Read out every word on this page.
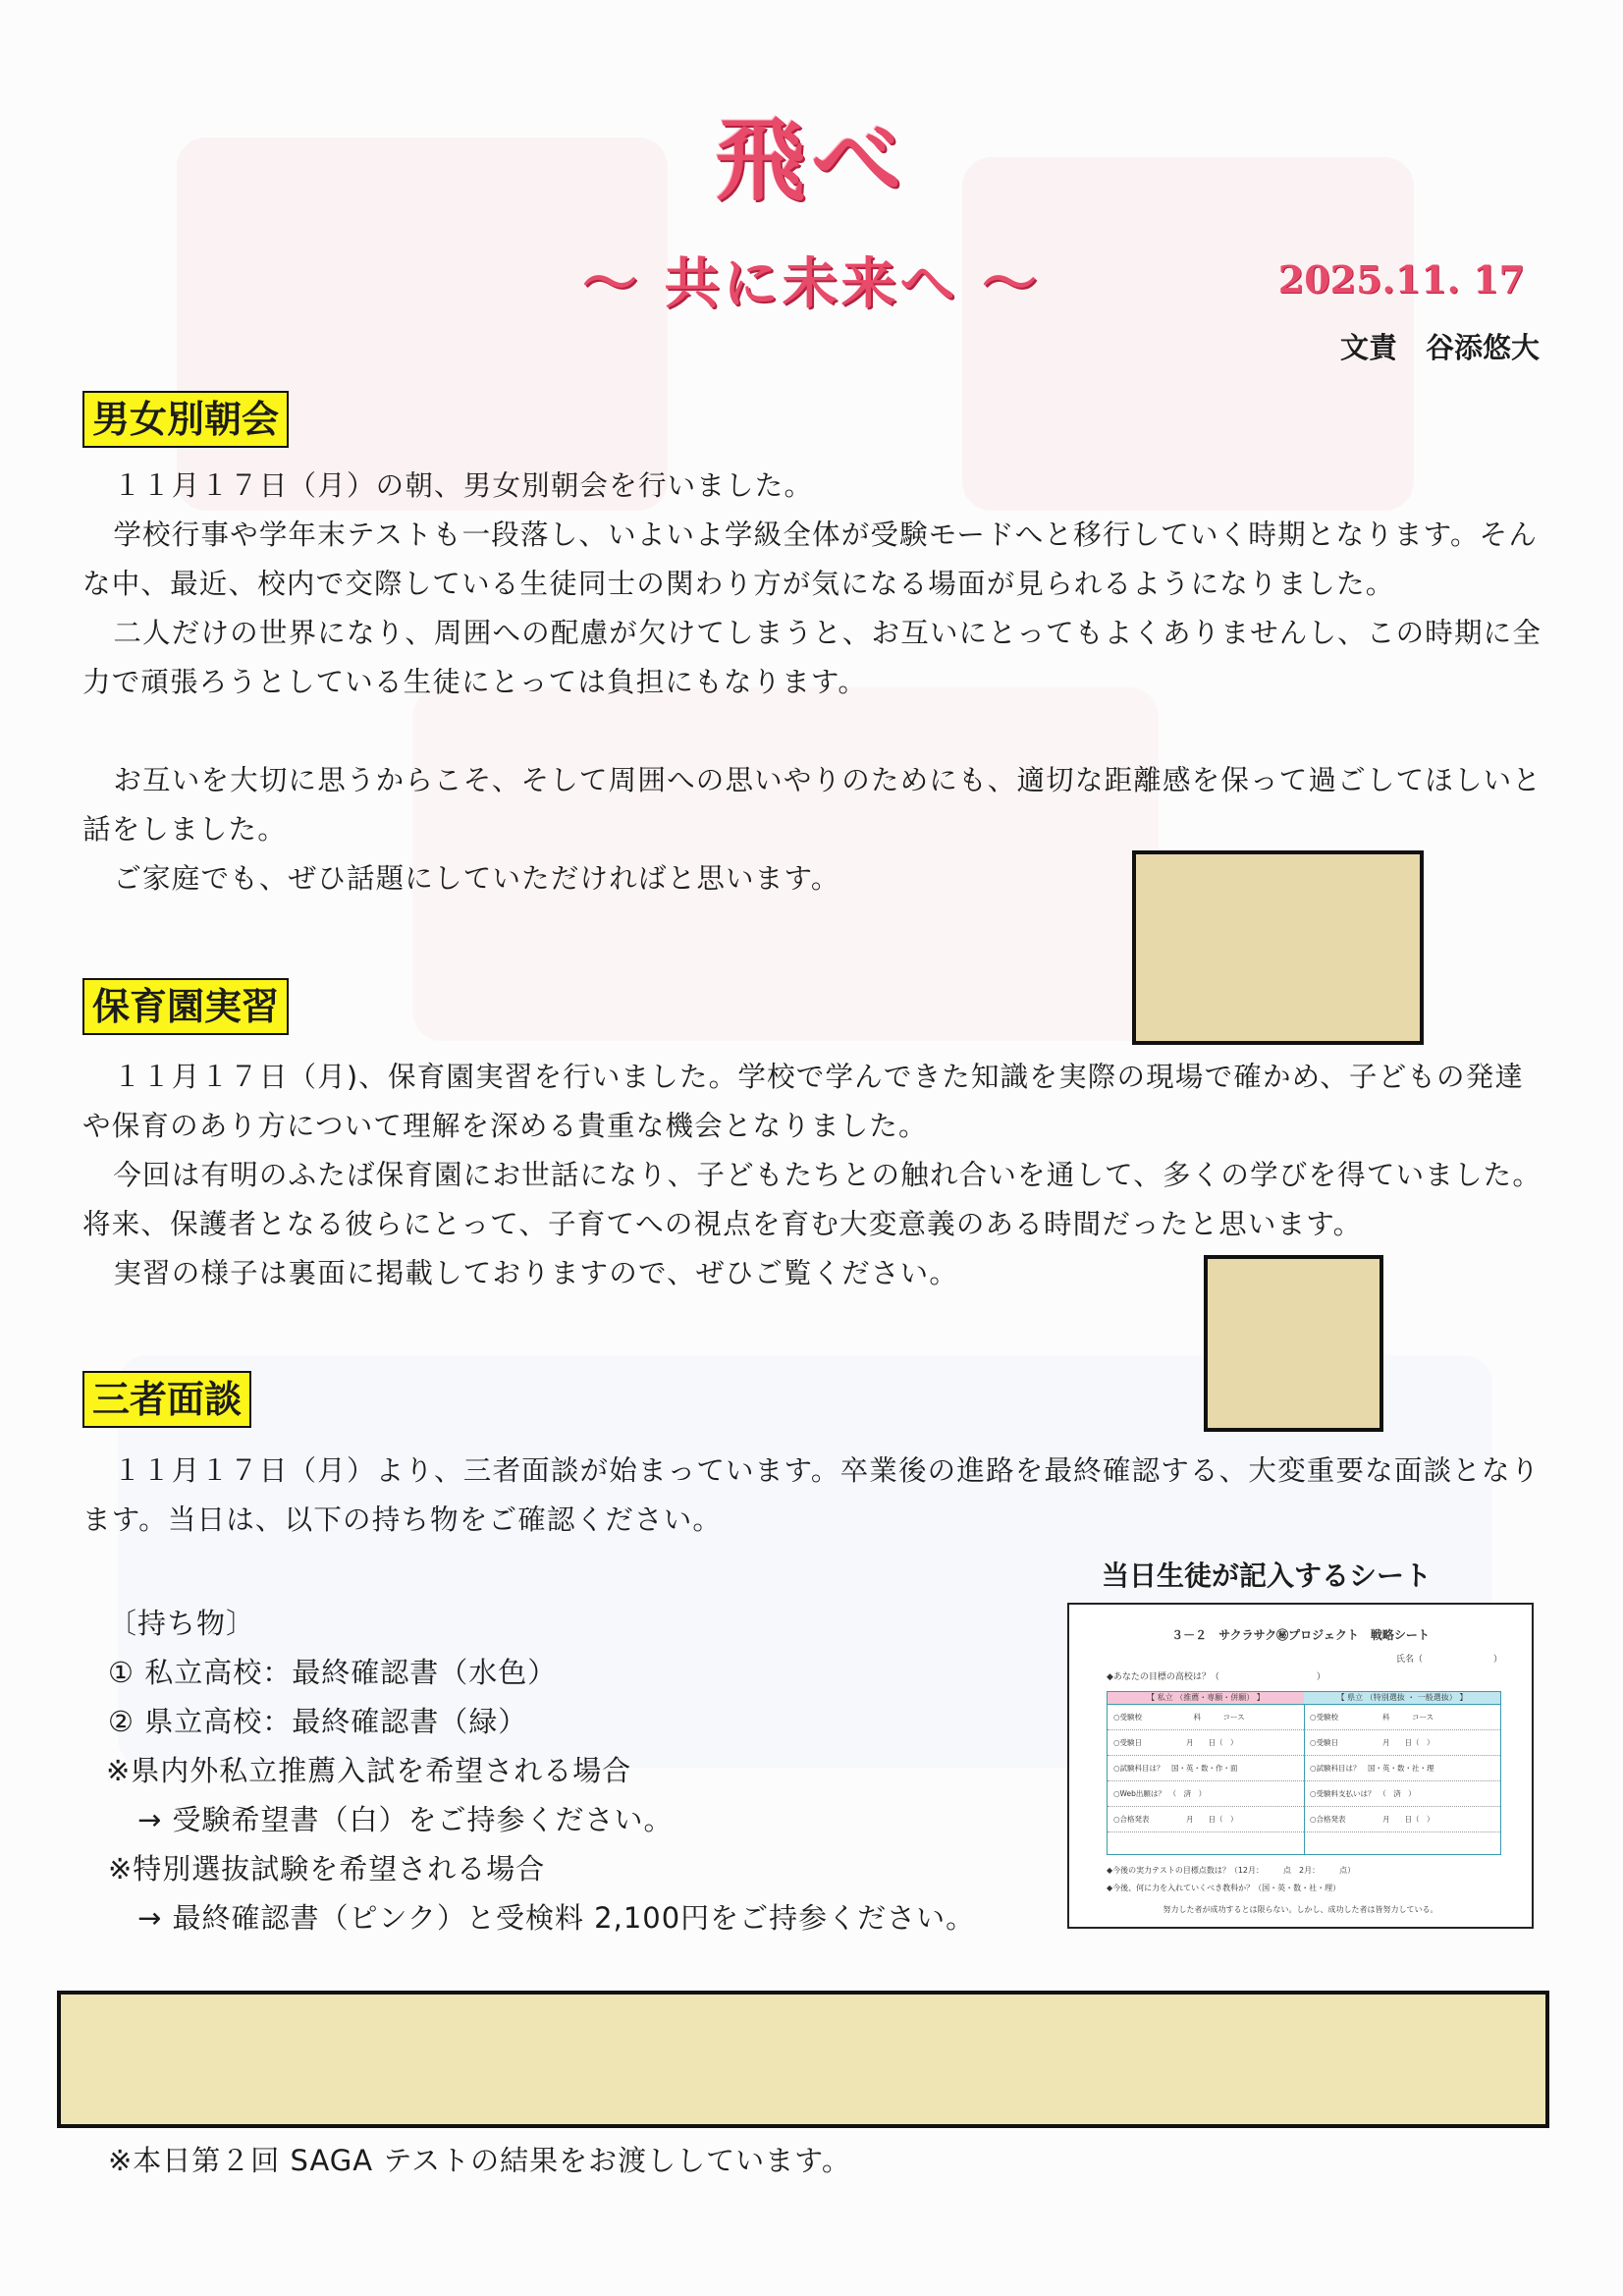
飛べ
～ 共に未来へ ～	2025.11. 17
文責　谷添悠大
男女別朝会

１１月１７日（月）の朝、男女別朝会を行いました。

学校行事や学年末テストも一段落し、いよいよ学級全体が受験モードへと移行していく時期となります。そんな中、最近、校内で交際している生徒同士の関わり方が気になる場面が見られるようになりました。

二人だけの世界になり、周囲への配慮が欠けてしまうと、お互いにとってもよくありませんし、この時期に全力で頑張ろうとしている生徒にとっては負担にもなります。

お互いを大切に思うからこそ、そして周囲への思いやりのためにも、適切な距離感を保って過ごしてほしいと話をしました。

ご家庭でも、ぜひ話題にしていただければと思います。

保育園実習

１１月１７日（月)、保育園実習を行いました。学校で学んできた知識を実際の現場で確かめ、子どもの発達や保育のあり方について理解を深める貴重な機会となりました。

今回は有明のふたば保育園にお世話になり、子どもたちとの触れ合いを通して、多くの学びを得ていました。将来、保護者となる彼らにとって、子育てへの視点を育む大変意義のある時間だったと思います。

実習の様子は裏面に掲載しておりますので、ぜひご覧ください。

三者面談

１１月１７日（月）より、三者面談が始まっています。卒業後の進路を最終確認する、大変重要な面談となります。当日は、以下の持ち物をご確認ください。

〔持ち物〕
① 私立高校：最終確認書（水色）
② 県立高校：最終確認書（緑）
※県内外私立推薦入試を希望される場合
→ 受験希望書（白）をご持参ください。
※特別選抜試験を希望される場合
→ 最終確認書（ピンク）と受検料 2,100円をご持参ください。
当日生徒が記入するシート
３－２　サクラサク㊙プロジェクト　戦略シート
氏名（　　　　　　　　）
◆あなたの目標の高校は？（　　　　　　　　　　　）
【 私立 （推薦・専願・併願） 】
○受験校　　　　　　　科　　　コース
○受験日　　　　　　月　　日（　）
○試験科目は？　国・英・数・作・面
○Web出願は？　（　済　）
○合格発表　　　　　月　　日（　）
【 県立 （特別選抜 ・ 一般選抜） 】
○受験校　　　　　　科　　　コース
○受験日　　　　　　月　　日（　）
○試験科目は？　国・英・数・社・理
○受験料支払いは？　（　済　）
○合格発表　　　　　月　　日（　）
◆今後の実力テストの目標点数は？（12月：　　　点　2月：　　　点）
◆今後、何に力を入れていくべき教科か？（国・英・数・社・理）
努力した者が成功するとは限らない。しかし、成功した者は皆努力している。
※本日第２回 SAGA テストの結果をお渡ししています。
